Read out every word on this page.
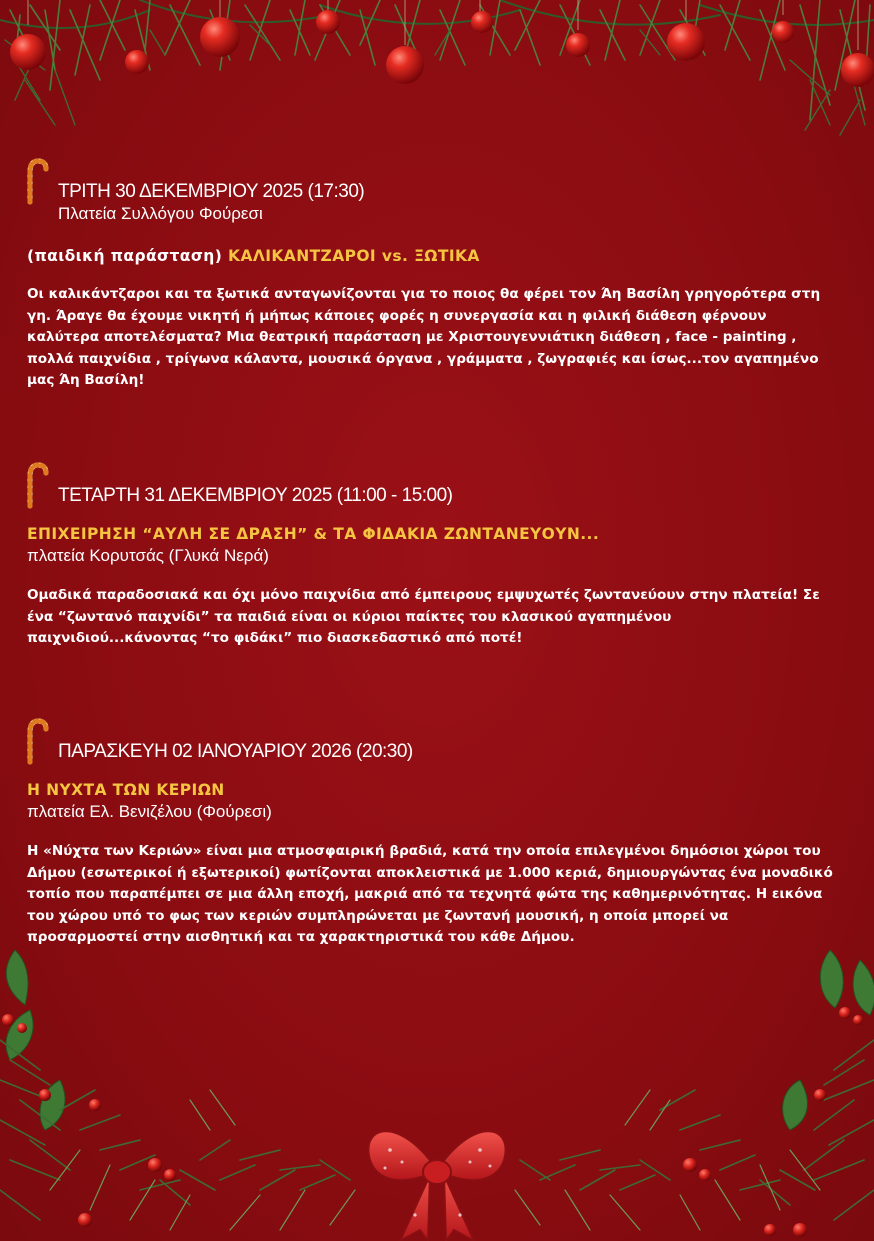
ΤΡΙΤΗ 30 ΔΕΚΕΜΒΡΙΟΥ 2025 (17:30)
Πλατεία Συλλόγου Φούρεσι
(παιδική παράσταση) ΚΑΛΙΚΑΝΤΖΑΡΟΙ vs. ΞΩΤΙΚΑ

Οι καλικάντζαροι και τα ξωτικά ανταγωνίζονται για το ποιος θα φέρει τον Άη Βασίλη γρηγορότερα στη γη. Άραγε θα έχουμε νικητή ή μήπως κάποιες φορές η συνεργασία και η φιλική διάθεση φέρνουν καλύτερα αποτελέσματα? Μια θεατρική παράσταση με Χριστουγεννιάτικη διάθεση , face - painting , πολλά παιχνίδια , τρίγωνα κάλαντα, μουσικά όργανα , γράμματα , ζωγραφιές και ίσως...τον αγαπημένο μας Άη Βασίλη!

ΤΕΤΑΡΤΗ 31 ΔΕΚΕΜΒΡΙΟΥ 2025 (11:00 - 15:00)
ΕΠΙΧΕΙΡΗΣΗ “ΑΥΛΗ ΣΕ ΔΡΑΣΗ” & ΤΑ ΦΙΔΑΚΙΑ ΖΩΝΤΑΝΕΥΟΥΝ...
πλατεία Κορυτσάς (Γλυκά Νερά)

Ομαδικά παραδοσιακά και όχι μόνο παιχνίδια από έμπειρους εμψυχωτές ζωντανεύουν στην πλατεία! Σε ένα “ζωντανό παιχνίδι” τα παιδιά είναι οι κύριοι παίκτες του κλασικού αγαπημένου παιχνιδιού...κάνοντας “το φιδάκι” πιο διασκεδαστικό από ποτέ!

ΠΑΡΑΣΚΕΥΗ 02 ΙΑΝΟΥΑΡΙΟΥ 2026 (20:30)
Η ΝΥΧΤΑ ΤΩΝ ΚΕΡΙΩΝ
πλατεία Ελ. Βενιζέλου (Φούρεσι)

Η «Νύχτα των Κεριών» είναι μια ατμοσφαιρική βραδιά, κατά την οποία επιλεγμένοι δημόσιοι χώροι του Δήμου (εσωτερικοί ή εξωτερικοί) φωτίζονται αποκλειστικά με 1.000 κεριά, δημιουργώντας ένα μοναδικό τοπίο που παραπέμπει σε μια άλλη εποχή, μακριά από τα τεχνητά φώτα της καθημερινότητας. Η εικόνα του χώρου υπό το φως των κεριών συμπληρώνεται με ζωντανή μουσική, η οποία μπορεί να προσαρμοστεί στην αισθητική και τα χαρακτηριστικά του κάθε Δήμου.
